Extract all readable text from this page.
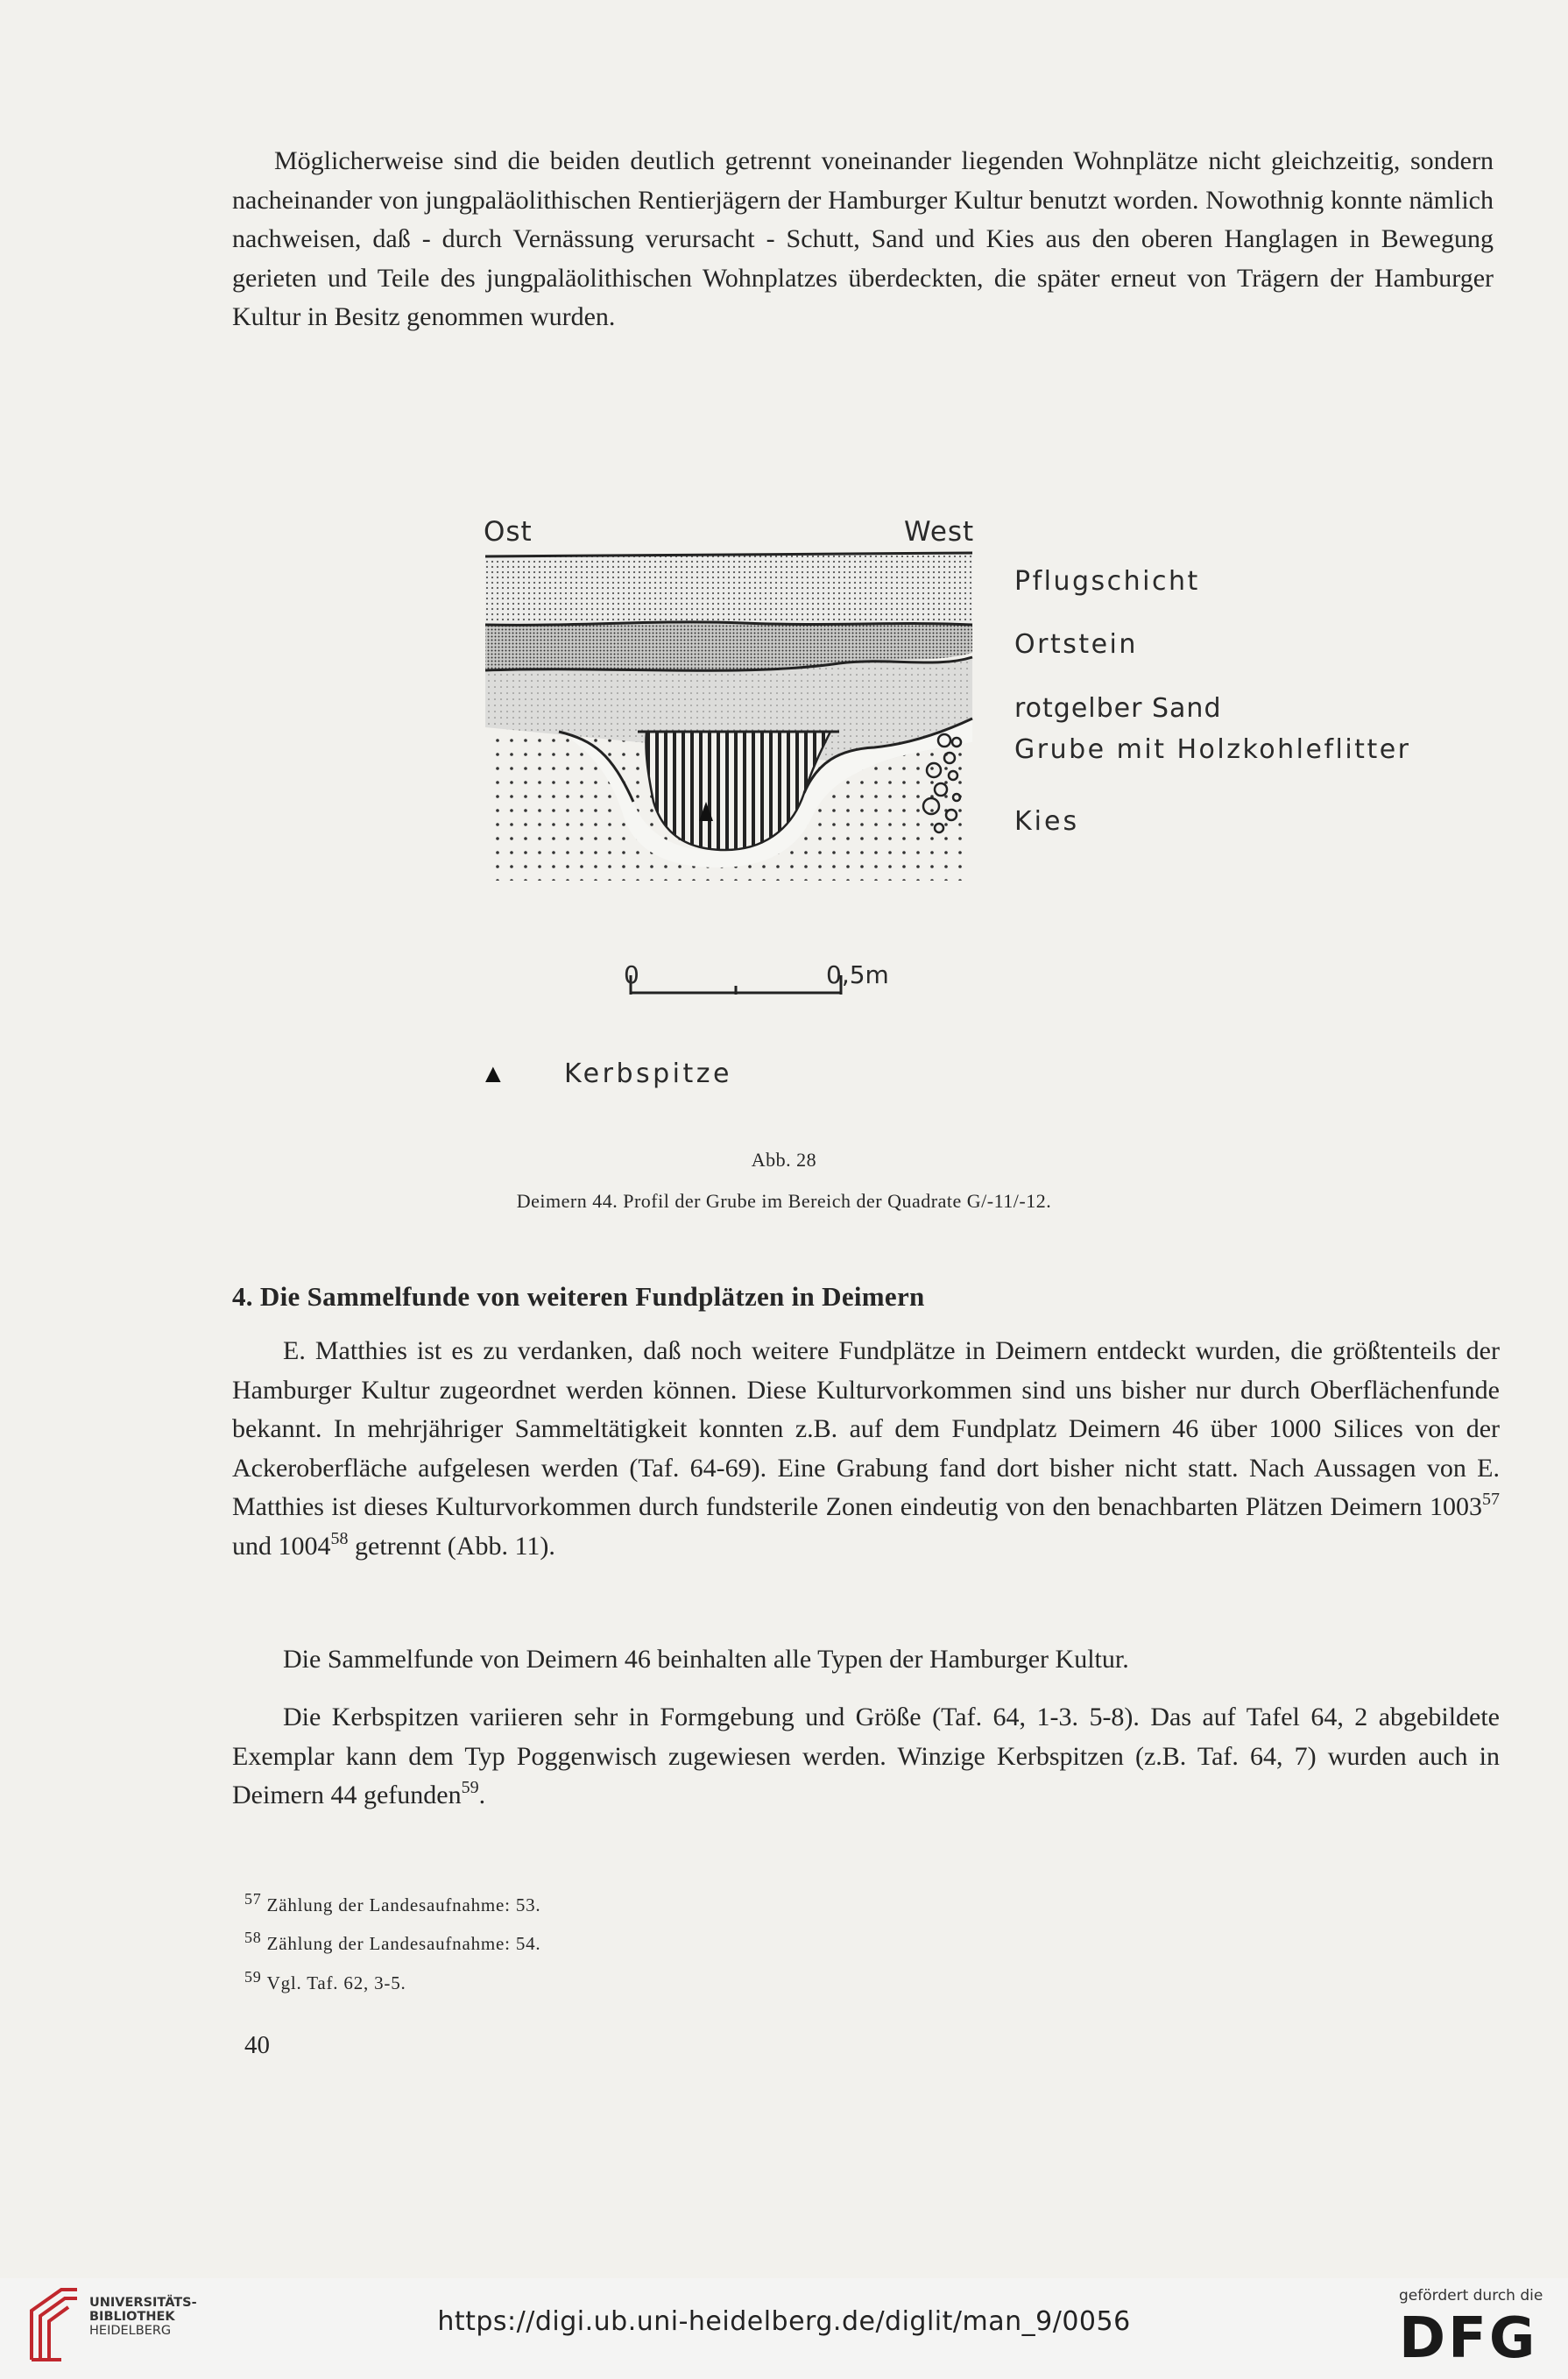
Möglicherweise sind die beiden deutlich getrennt voneinander liegenden Wohnplätze nicht gleichzeitig, sondern nacheinander von jungpaläolithischen Rentierjägern der Hamburger Kultur benutzt worden. Nowothnig konnte nämlich nachweisen, daß - durch Vernässung verursacht - Schutt, Sand und Kies aus den oberen Hanglagen in Bewegung gerieten und Teile des jungpaläolithischen Wohnplatzes überdeckten, die später erneut von Trägern der Hamburger Kultur in Besitz genommen wurden.

Ost	West
Pflugschicht
Ortstein
rotgelber Sand
Grube mit Holzkohleflitter
Kies
0	0,5m
▲ Kerbspitze

Abb. 28

Deimern 44. Profil der Grube im Bereich der Quadrate G/-11/-12.

4. Die Sammelfunde von weiteren Fundplätzen in Deimern

E. Matthies ist es zu verdanken, daß noch weitere Fundplätze in Deimern entdeckt wurden, die größtenteils der Hamburger Kultur zugeordnet werden können. Diese Kulturvorkommen sind uns bisher nur durch Oberflächenfunde bekannt. In mehrjähriger Sammeltätigkeit konnten z.B. auf dem Fundplatz Deimern 46 über 1000 Silices von der Ackeroberfläche aufgelesen werden (Taf. 64-69). Eine Grabung fand dort bisher nicht statt. Nach Aussagen von E. Matthies ist dieses Kulturvorkommen durch fundsterile Zonen eindeutig von den benachbarten Plätzen Deimern 1003$^{57}$ und 1004$^{58}$ getrennt (Abb. 11).

Die Sammelfunde von Deimern 46 beinhalten alle Typen der Hamburger Kultur.

Die Kerbspitzen variieren sehr in Formgebung und Größe (Taf. 64, 1-3. 5-8). Das auf Tafel 64, 2 abgebildete Exemplar kann dem Typ Poggenwisch zugewiesen werden. Winzige Kerbspitzen (z.B. Taf. 64, 7) wurden auch in Deimern 44 gefunden$^{59}$.

$^{57}$ Zählung der Landesaufnahme: 53.

$^{58}$ Zählung der Landesaufnahme: 54.

$^{59}$ Vgl. Taf. 62, 3-5.

40

UNIVERSITÄTS-
BIBLIOTHEK
HEIDELBERG	https://digi.ub.uni-heidelberg.de/diglit/man_9/0056

gefördert durch die

DFG
